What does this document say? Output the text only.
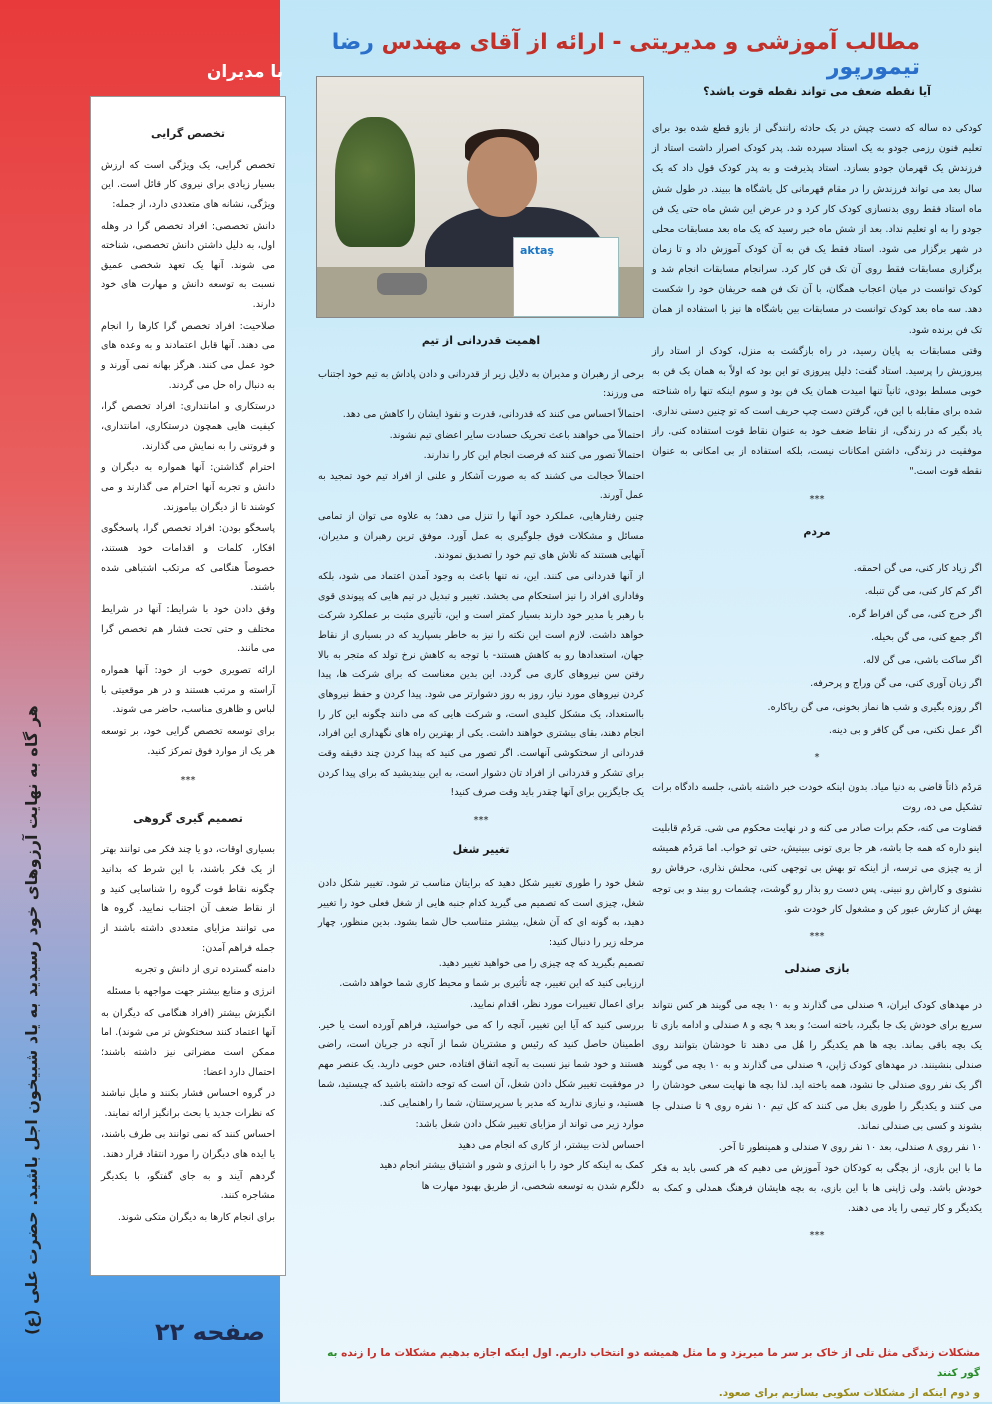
مطالب آموزشی و مدیریتی - ارائه از آقای مهندس رضا تیمورپور
با مدیران
تخصص گرایی

تخصص گرایی، یک ویژگی است که ارزش بسیار زیادی برای نیروی کار قائل است. این ویژگی، نشانه های متعددی دارد، از جمله:

دانش تخصصی: افراد تخصص گرا در وهله اول، به دلیل داشتن دانش تخصصی، شناخته می شوند. آنها یک تعهد شخصی عمیق نسبت به توسعه دانش و مهارت های خود دارند.

صلاحیت: افراد تخصص گرا کارها را انجام می دهند. آنها قابل اعتمادند و به وعده های خود عمل می کنند. هرگز بهانه نمی آورند و به دنبال راه حل می گردند.

درستکاری و امانتداری: افراد تخصص گرا، کیفیت هایی همچون درستکاری، امانتداری، و فروتنی را به نمایش می گذارند.

احترام گذاشتن: آنها همواره به دیگران و دانش و تجربه آنها احترام می گذارند و می کوشند تا از دیگران بیاموزند.

پاسخگو بودن: افراد تخصص گرا، پاسخگوی افکار، کلمات و اقدامات خود هستند، خصوصاً هنگامی که مرتکب اشتباهی شده باشند.

وفق دادن خود با شرایط: آنها در شرایط مختلف و حتی تحت فشار هم تخصص گرا می مانند.

ارائه تصویری خوب از خود: آنها همواره آراسته و مرتب هستند و در هر موقعیتی با لباس و ظاهری مناسب، حاضر می شوند.

برای توسعه تخصص گرایی خود، بر توسعه هر یک از موارد فوق تمرکز کنید.

***
تصمیم گیری گروهی

بسیاری اوقات، دو یا چند فکر می توانند بهتر از یک فکر باشند، با این شرط که بدانید چگونه نقاط قوت گروه را شناسایی کنید و از نقاط ضعف آن اجتناب نمایید. گروه ها می توانند مزایای متعددی داشته باشند از جمله فراهم آمدن:

دامنه گسترده تری از دانش و تجربه

انرژی و منابع بیشتر جهت مواجهه با مسئله

انگیزش بیشتر (افراد هنگامی که دیگران به آنها اعتماد کنند سختکوش تر می شوند). اما ممکن است مضراتی نیز داشته باشند؛ احتمال دارد اعضا:

در گروه احساس فشار بکنند و مایل نباشند که نظرات جدید یا بحث برانگیز ارائه نمایند.

احساس کنند که نمی توانند بی طرف باشند، یا ایده های دیگران را مورد انتقاد قرار دهند.

گردهم آیند و به جای گفتگو، با یکدیگر مشاجره کنند.

برای انجام کارها به دیگران متکی شوند.

هر گاه به نهایت آرزوهای خود رسیدید به یاد شبیخون اجل باشید. حضرت علی (ع)	صفحه ۲۲
aktaş
اهمیت قدردانی از تیم

برخی از رهبران و مدیران به دلایل زیر از قدردانی و دادن پاداش به تیم خود اجتناب می ورزند:

احتمالاً احساس می کنند که قدردانی، قدرت و نفوذ ایشان را کاهش می دهد.

احتمالاً می خواهند باعث تحریک حسادت سایر اعضای تیم نشوند.

احتمالاً تصور می کنند که فرصت انجام این کار را ندارند.

احتمالاً خجالت می کشند که به صورت آشکار و علنی از افراد تیم خود تمجید به عمل آورند.

چنین رفتارهایی، عملکرد خود آنها را تنزل می دهد؛ به علاوه می توان از تمامی مسائل و مشکلات فوق جلوگیری به عمل آورد. موفق ترین رهبران و مدیران، آنهایی هستند که تلاش های تیم خود را تصدیق نمودند.

از آنها قدردانی می کنند. این، نه تنها باعث به وجود آمدن اعتماد می شود، بلکه وفاداری افراد را نیز استحکام می بخشد. تغییر و تبدیل در تیم هایی که پیوندی قوی با رهبر یا مدیر خود دارند بسیار کمتر است و این، تأثیری مثبت بر عملکرد شرکت خواهد داشت. لازم است این نکته را نیز به خاطر بسپارید که در بسیاری از نقاط جهان، استعدادها رو به کاهش هستند- با توجه به کاهش نرخ تولد که متجر به بالا رفتن سن نیروهای کاری می گردد. این بدین معناست که برای شرکت ها، پیدا کردن نیروهای مورد نیاز، روز به روز دشوارتر می شود. پیدا کردن و حفظ نیروهای بااستعداد، یک مشکل کلیدی است، و شرکت هایی که می دانند چگونه این کار را انجام دهند، بقای بیشتری خواهند داشت. یکی از بهترین راه های نگهداری این افراد، قدردانی از سختکوشی آنهاست. اگر تصور می کنید که پیدا کردن چند دقیقه وقت برای تشکر و قدردانی از افراد تان دشوار است، به این بیندیشید که برای پیدا کردن یک جایگزین برای آنها چقدر باید وقت صرف کنید!

***
تغییر شغل

شغل خود را طوری تغییر شکل دهید که برایتان مناسب تر شود. تغییر شکل دادن شغل، چیزی است که تصمیم می گیرید کدام جنبه هایی از شغل فعلی خود را تغییر دهید، به گونه ای که آن شغل، بیشتر متناسب حال شما بشود. بدین منظور، چهار مرحله زیر را دنبال کنید:

تصمیم بگیرید که چه چیزی را می خواهید تغییر دهید.

ارزیابی کنید که این تغییر، چه تأثیری بر شما و محیط کاری شما خواهد داشت.

برای اعمال تغییرات مورد نظر، اقدام نمایید.

بررسی کنید که آیا این تغییر، آنچه را که می خواستید، فراهم آورده است یا خیر. اطمینان حاصل کنید که رئیس و مشتریان شما از آنچه در جریان است، راضی هستند و خود شما نیز نسبت به آنچه اتفاق افتاده، حس خوبی دارید. یک عنصر مهم در موفقیت تغییر شکل دادن شغل، آن است که توجه داشته باشید که چیستید، شما هستید، و نیازی ندارید که مدیر یا سرپرستتان، شما را راهنمایی کند.

موارد زیر می تواند از مزایای تغییر شکل دادن شغل باشد:

احساس لذت بیشتر، از کاری که انجام می دهید

کمک به اینکه کار خود را با انرژی و شور و اشتیاق بیشتر انجام دهید

دلگرم شدن به توسعه شخصی، از طریق بهبود مهارت ها

آیا نقطه ضعف می تواند نقطه قوت باشد؟

کودکی ده ساله که دست چپش در یک حادثه رانندگی از بازو قطع شده بود برای تعلیم فنون رزمی جودو به یک استاد سپرده شد. پدر کودک اصرار داشت استاد از فرزندش یک قهرمان جودو بسازد. استاد پذیرفت و به پدر کودک قول داد که یک سال بعد می تواند فرزندش را در مقام قهرمانی کل باشگاه ها ببیند. در طول شش ماه استاد فقط روی بدنسازی کودک کار کرد و در عرض این شش ماه حتی یک فن جودو را به او تعلیم نداد. بعد از شش ماه خبر رسید که یک ماه بعد مسابقات محلی در شهر برگزار می شود. استاد فقط یک فن به آن کودک آموزش داد و تا زمان برگزاری مسابقات فقط روی آن تک فن کار کرد. سرانجام مسابقات انجام شد و کودک توانست در میان اعجاب همگان، با آن تک فن همه حریفان خود را شکست دهد. سه ماه بعد کودک توانست در مسابقات بین باشگاه ها نیز با استفاده از همان تک فن برنده شود.

وقتی مسابقات به پایان رسید، در راه بازگشت به منزل، کودک از استاد راز پیروزیش را پرسید. استاد گفت: دلیل پیروزی تو این بود که اولاً به همان یک فن به خوبی مسلط بودی، ثانیاً تنها امیدت همان یک فن بود و سوم اینکه تنها راه شناخته شده برای مقابله با این فن، گرفتن دست چپ حریف است که تو چنین دستی نداری. یاد بگیر که در زندگی، از نقاط ضعف خود به عنوان نقاط قوت استفاده کنی. راز موفقیت در زندگی، داشتن امکانات نیست، بلکه استفاده از بی امکانی به عنوان نقطه قوت است."

***
مردم

اگر زیاد کار کنی، می گن احمقه.

اگر کم کار کنی، می گن تنبله.

اگر خرج کنی، می گن افراط گره.

اگر جمع کنی، می گن بخیله.

اگر ساکت باشی، می گن لاله.

اگر زبان آوری کنی، می گن وراج و پرحرفه.

اگر روزه بگیری و شب ها نماز بخونی، می گن ریاکاره.

اگر عمل نکنی، می گن کافر و بی دینه.

*

مَردُم ذاتاً قاضی به دنیا میاد. بدون اینکه خودت خبر داشته باشی، جلسه دادگاه برات تشکیل می ده، روت

قضاوت می کنه، حکم برات صادر می کنه و در نهایت محکوم می شی. مَردُم قابلیت اینو داره که همه جا باشه، هر جا بری تونی ببینیش، حتی تو خواب. اما مَردُم همیشه از یه چیزی می ترسه، از اینکه تو بهش بی توجهی کنی، محلش نذاری، حرفاش رو نشنوی و کاراش رو نبینی. پس دست رو بذار رو گوشت، چشمات رو ببند و بی توجه بهش از کنارش عبور کن و مشغول کار خودت شو.

***
بازی صندلی

در مهدهای کودک ایران، ۹ صندلی می گذارند و به ۱۰ بچه می گویند هر کس نتواند سریع برای خودش یک جا بگیرد، باخته است؛ و بعد ۹ بچه و ۸ صندلی و ادامه بازی تا یک بچه باقی بماند. بچه ها هم یکدیگر را هُل می دهند تا خودشان بتوانند روی صندلی بنشینند. در مهدهای کودک ژاپن، ۹ صندلی می گذارند و به ۱۰ بچه می گویند اگر یک نفر روی صندلی جا نشود، همه باخته اید. لذا بچه ها نهایت سعی خودشان را می کنند و یکدیگر را طوری بغل می کنند که کل تیم ۱۰ نفره روی ۹ تا صندلی جا بشوند و کسی بی صندلی نماند.

۱۰ نفر روی ۸ صندلی، بعد ۱۰ نفر روی ۷ صندلی و همینطور تا آخر.

ما با این بازی، از بچگی به کودکان خود آموزش می دهیم که هر کسی باید به فکر خودش باشد. ولی ژاپنی ها با این بازی، به بچه هایشان فرهنگ همدلی و کمک به یکدیگر و کار تیمی را یاد می دهند.

***
مشکلات زندگی مثل تلی از خاک بر سر ما میریزد و ما مثل همیشه دو انتخاب داریم. اول اینکه اجازه بدهیم مشکلات ما را زنده به گور کنند
و دوم اینکه از مشکلات سکویی بسازیم برای صعود.
